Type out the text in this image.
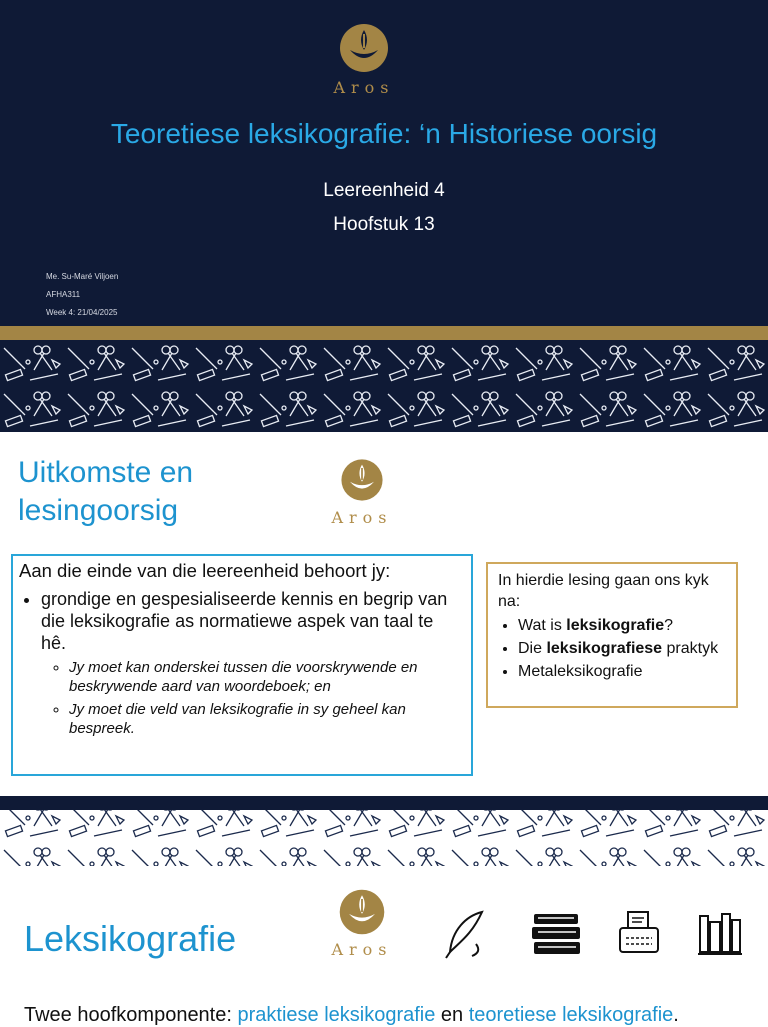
Aros
Teoretiese leksikografie: ‘n Historiese oorsig
Leereenheid 4
Hoofstuk 13
Me. Su-Maré Viljoen
AFHA311
Week 4: 21/04/2025
Uitkomste en
lesingoorsig	Aros
Aan die einde van die leereenheid behoort jy:
• grondige en gespesialiseerde kennis en begrip van die leksikografie as normatiewe aspek van taal te hê.
◦ Jy moet kan onderskei tussen die voorskrywende en beskrywende aard van woordeboek; en
◦ Jy moet die veld van leksikografie in sy geheel kan bespreek.
In hierdie lesing gaan ons kyk na:
• Wat is leksikografie?
• Die leksikografiese praktyk
• Metaleksikografie
Leksikografie	Aros
Twee hoofkomponente: praktiese leksikografie en teoretiese leksikografie.
